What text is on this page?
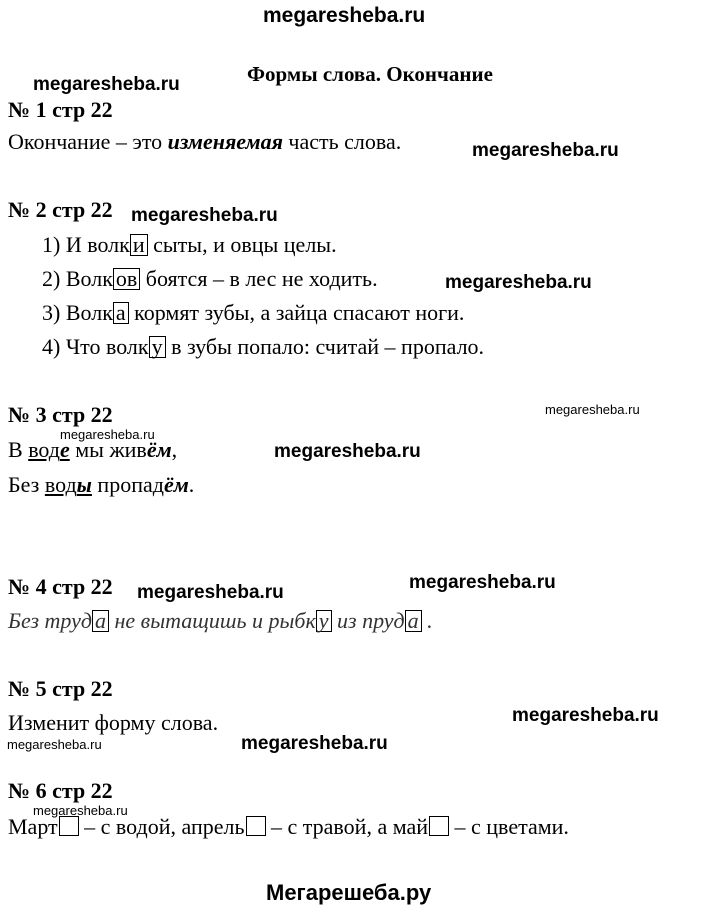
megaresheba.ru
megaresheba.ru
megaresheba.ru
megaresheba.ru
megaresheba.ru
megaresheba.ru
megaresheba.ru
megaresheba.ru
megaresheba.ru	megaresheba.ru
megaresheba.ru
megaresheba.ru	megaresheba.ru
megaresheba.ru
Формы слова. Окончание
№ 1 стр 22
Окончание – это изменяемая часть слова.
№ 2 стр 22
1) И волк и сыты, и овцы целы.
2) Волк ов боятся – в лес не ходить.
3) Волк а кормят зубы, а зайца спасают ноги.
4) Что волк у в зубы попало: считай – пропало.
№ 3 стр 22
В воде мы живём,
Без воды пропадём.
№ 4 стр 22
Без труд а не вытащишь и рыбк у из пруд а .
№ 5 стр 22
Изменит форму слова.
№ 6 стр 22
Март – с водой, апрель – с травой, а май – с цветами.
Мегарешеба.ру
